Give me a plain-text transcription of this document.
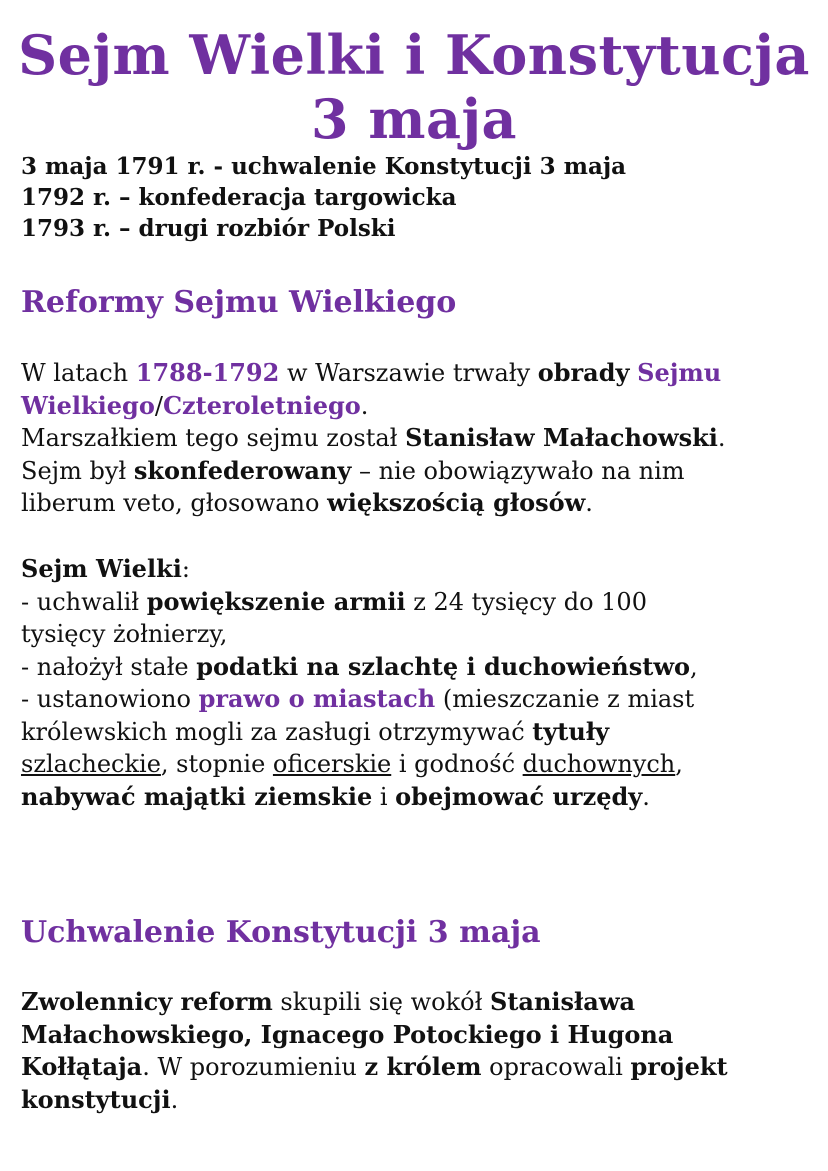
Sejm Wielki i Konstytucja
3 maja
3 maja 1791 r. - uchwalenie Konstytucji 3 maja
1792 r. – konfederacja targowicka
1793 r. – drugi rozbiór Polski
Reformy Sejmu Wielkiego
W latach 1788-1792 w Warszawie trwały obrady Sejmu
Wielkiego/Czteroletniego.
Marszałkiem tego sejmu został Stanisław Małachowski.
Sejm był skonfederowany – nie obowiązywało na nim
liberum veto, głosowano większością głosów.
Sejm Wielki:
- uchwalił powiększenie armii z 24 tysięcy do 100
tysięcy żołnierzy,
- nałożył stałe podatki na szlachtę i duchowieństwo,
- ustanowiono prawo o miastach (mieszczanie z miast
królewskich mogli za zasługi otrzymywać tytuły
szlacheckie, stopnie oficerskie i godność duchownych,
nabywać majątki ziemskie i obejmować urzędy.
Uchwalenie Konstytucji 3 maja
Zwolennicy reform skupili się wokół Stanisława
Małachowskiego, Ignacego Potockiego i Hugona
Kołłątaja. W porozumieniu z królem opracowali projekt
konstytucji.
